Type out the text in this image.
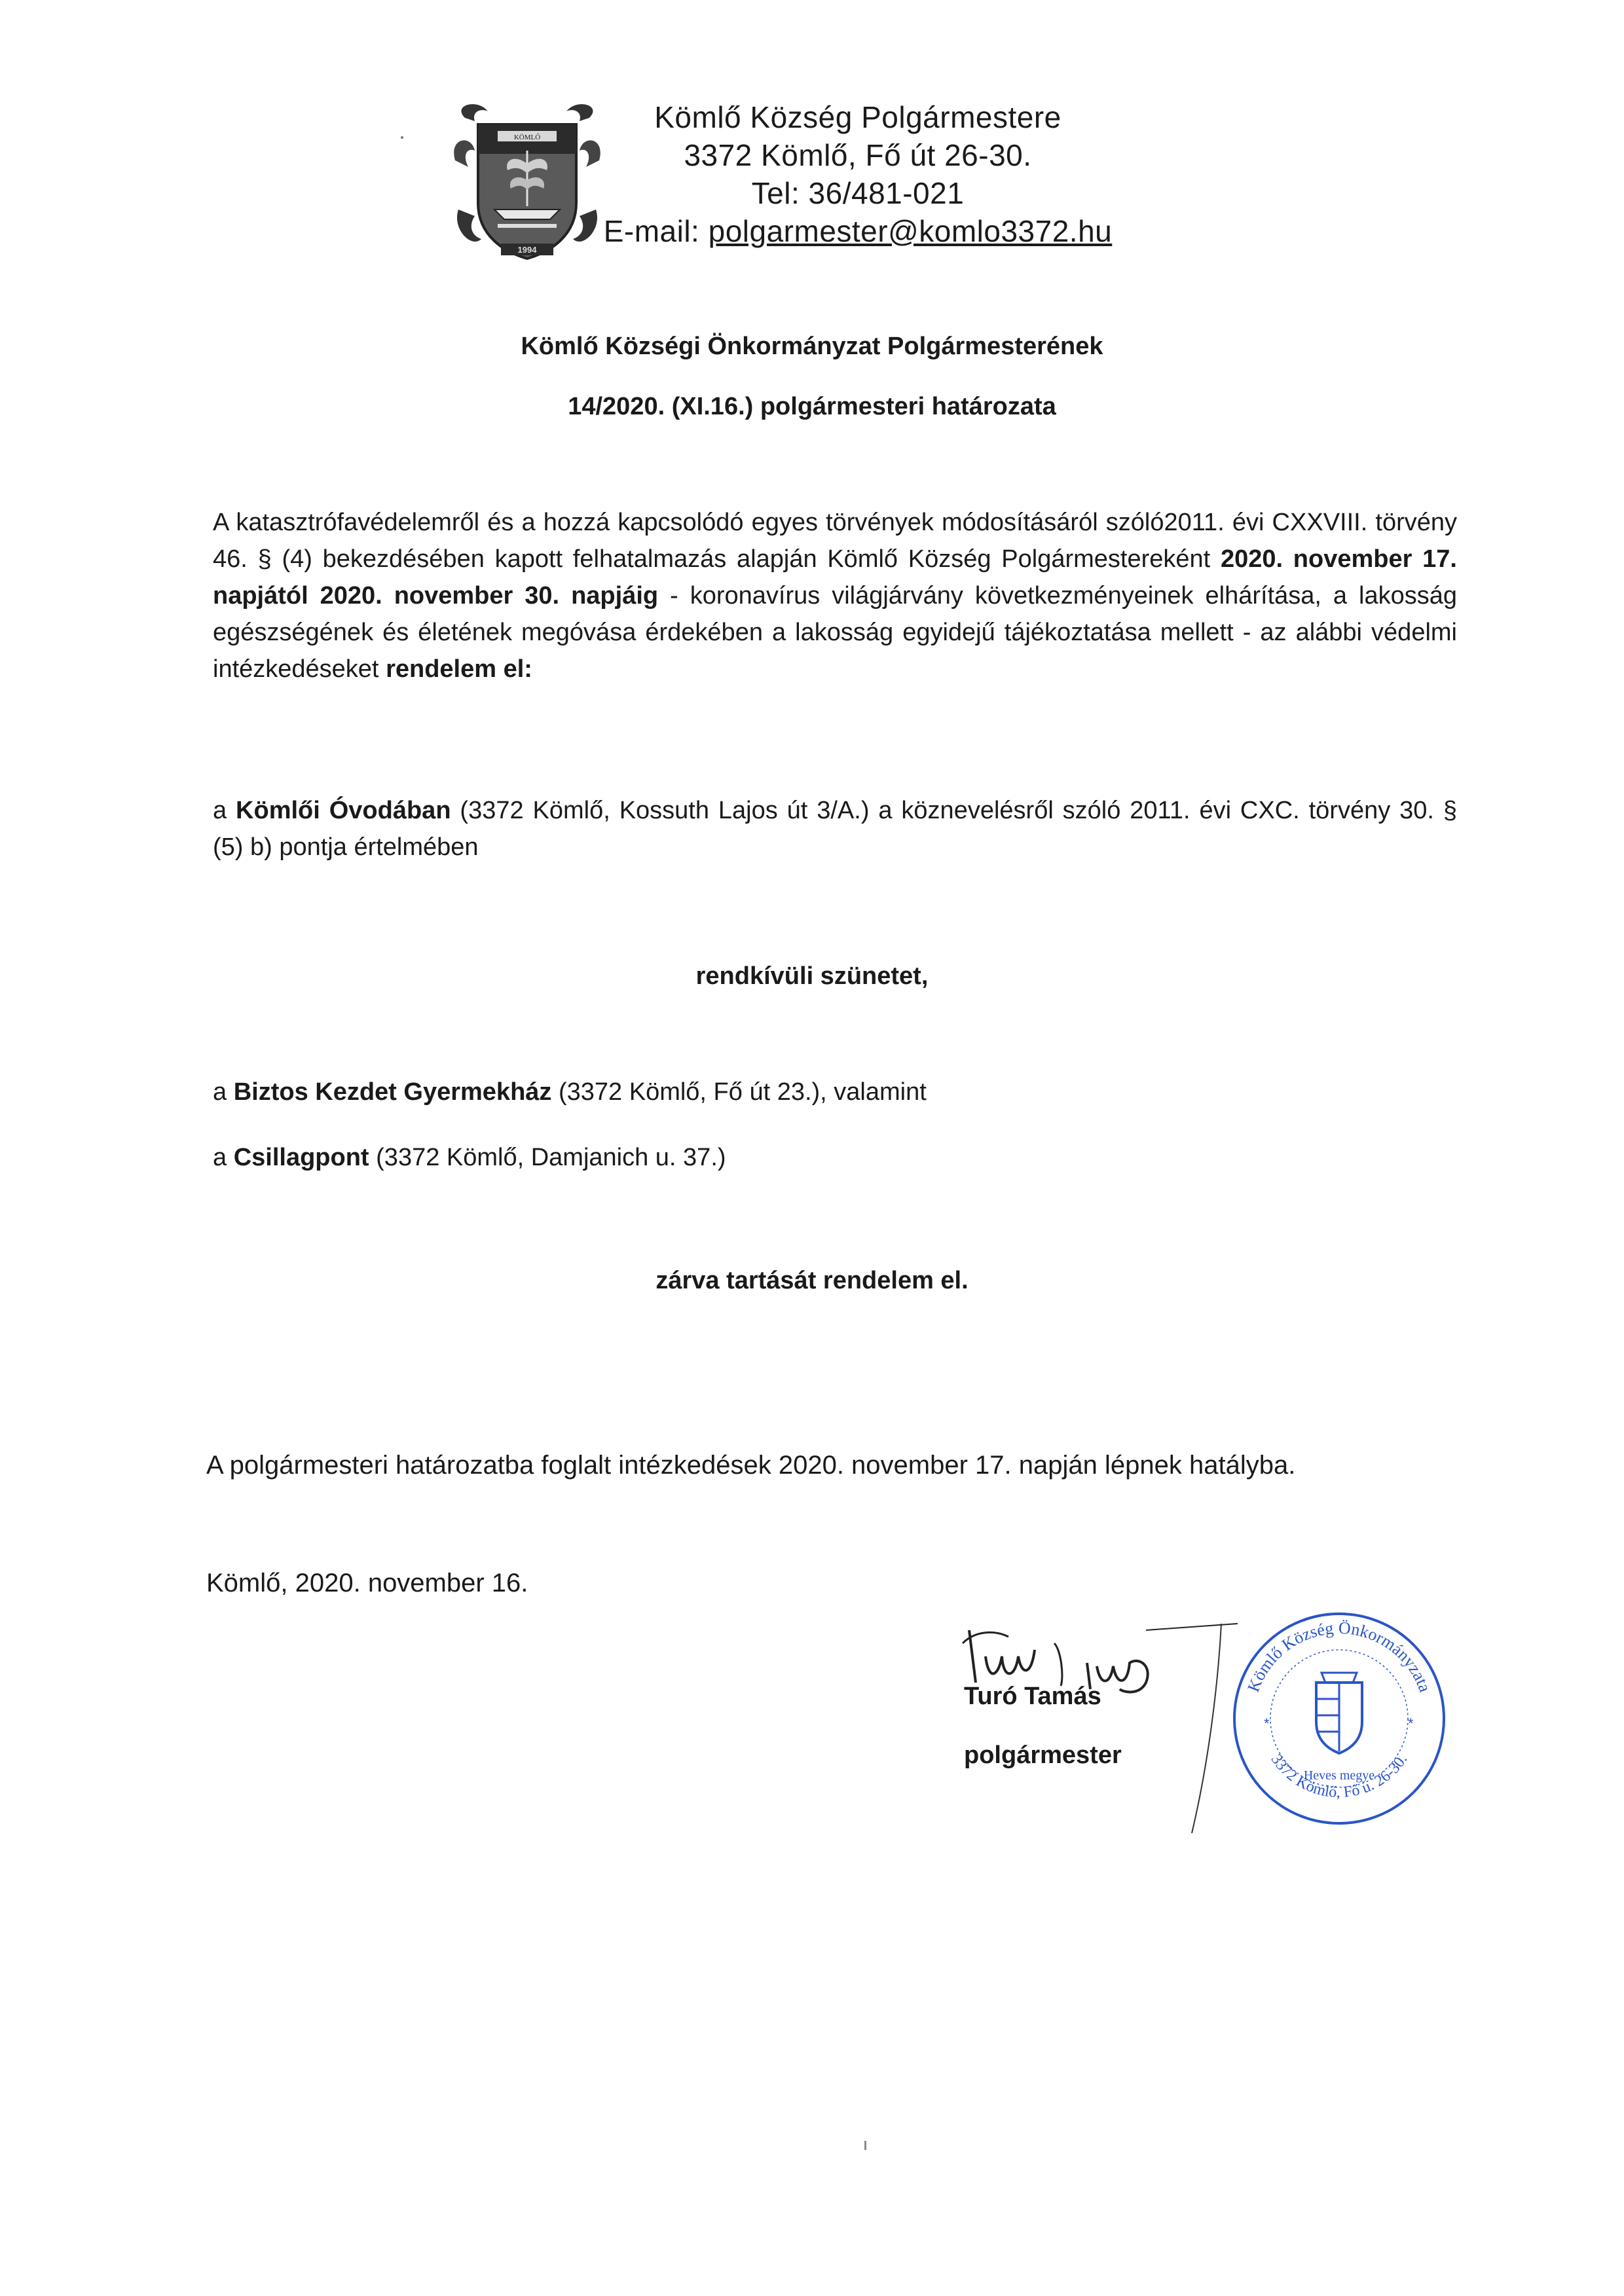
KÖMLŐ
1994
Kömlő Község Polgármestere
3372 Kömlő, Fő út 26-30.
Tel: 36/481-021
E-mail: polgarmester@komlo3372.hu
Kömlő Községi Önkormányzat Polgármesterének
14/2020. (XI.16.) polgármesteri határozata
A katasztrófavédelemről és a hozzá kapcsolódó egyes törvények módosításáról szóló2011. évi CXXVIII. törvény 46. § (4) bekezdésében kapott felhatalmazás alapján Kömlő Község Polgármestereként 2020. november 17. napjától 2020. november 30. napjáig - koronavírus világjárvány következményeinek elhárítása, a lakosság egészségének és életének megóvása érdekében a lakosság egyidejű tájékoztatása mellett - az alábbi védelmi intézkedéseket rendelem el:
a Kömlői Óvodában (3372 Kömlő, Kossuth Lajos út 3/A.) a köznevelésről szóló 2011. évi CXC. törvény 30. § (5) b) pontja értelmében
rendkívüli szünetet,
a Biztos Kezdet Gyermekház (3372 Kömlő, Fő út 23.), valamint
a Csillagpont (3372 Kömlő, Damjanich u. 37.)
zárva tartását rendelem el.
A polgármesteri határozatba foglalt intézkedések 2020. november 17. napján lépnek hatályba.
Kömlő, 2020. november 16.
Turó Tamás
polgármester
Kömlő Község Önkormányzata
3372 Kömlő, Fő u. 26-30.
Heves megye
*	*
